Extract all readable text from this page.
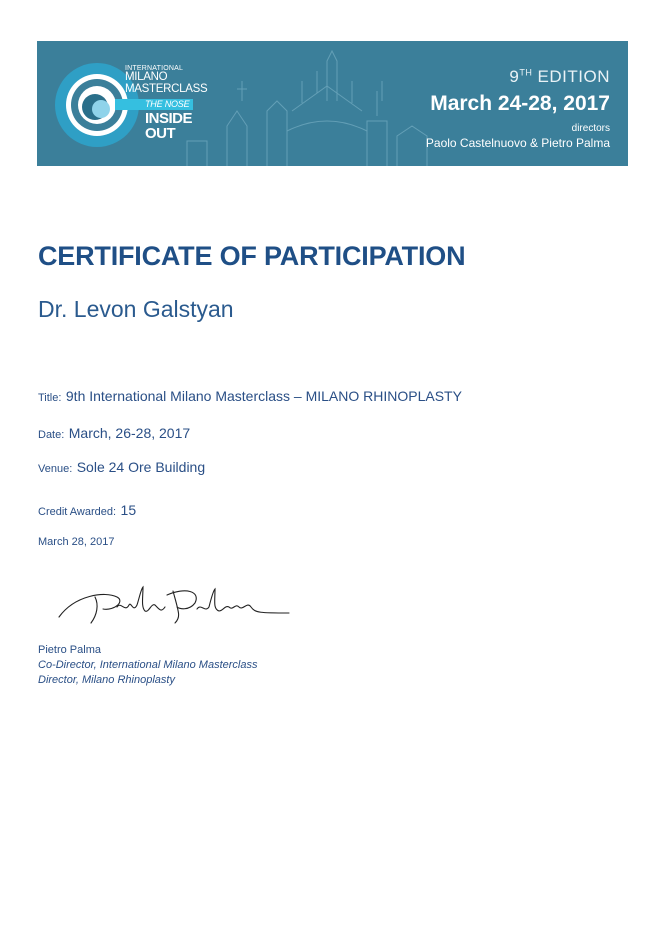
INTERNATIONAL
MILANO
MASTERCLASS
THE NOSE
INSIDE
OUT
9TH EDITION
March 24-28, 2017
directors
Paolo Castelnuovo & Pietro Palma
CERTIFICATE OF PARTICIPATION
Dr. Levon Galstyan
Title: 9th International Milano Masterclass – MILANO RHINOPLASTY
Date: March, 26-28, 2017
Venue: Sole 24 Ore Building
Credit Awarded: 15
March 28, 2017
Pietro Palma
Co-Director, International Milano Masterclass
Director, Milano Rhinoplasty
